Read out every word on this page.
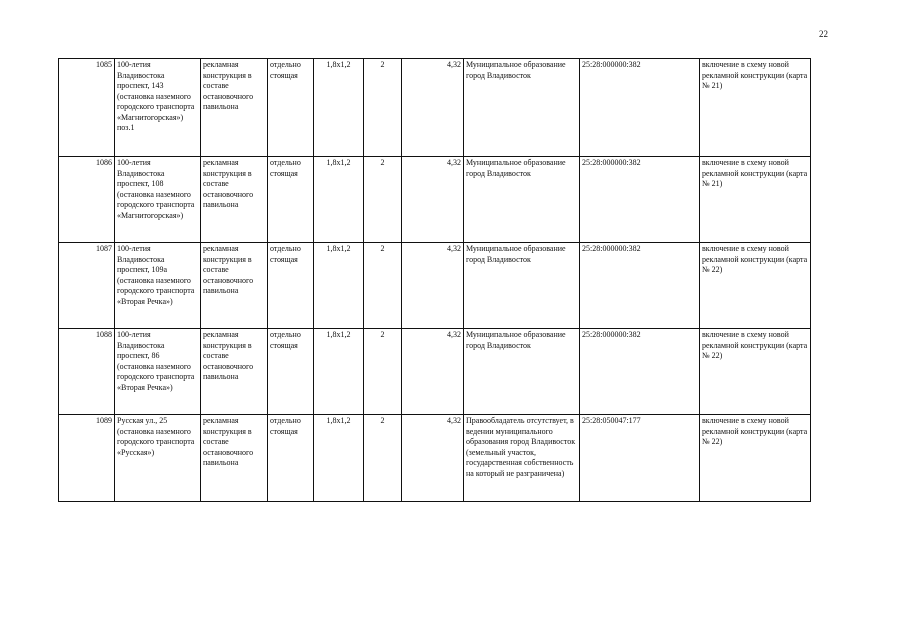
22
1085	100-летия Владивостока проспект, 143 (остановка наземного городского транспорта «Магнитогорская») поз.1	рекламная конструкция в составе остановочного павильона	отдельно стоящая	1,8x1,2	2	4,32	Муниципальное образование город Владивосток	25:28:000000:382	включение в схему новой рекламной конструкции (карта № 21)
1086	100-летия Владивостока проспект, 108 (остановка наземного городского транспорта «Магнитогорская»)	рекламная конструкция в составе остановочного павильона	отдельно стоящая	1,8x1,2	2	4,32	Муниципальное образование город Владивосток	25:28:000000:382	включение в схему новой рекламной конструкции (карта № 21)
1087	100-летия Владивостока проспект, 109а (остановка наземного городского транспорта «Вторая Речка»)	рекламная конструкция в составе остановочного павильона	отдельно стоящая	1,8x1,2	2	4,32	Муниципальное образование город Владивосток	25:28:000000:382	включение в схему новой рекламной конструкции (карта № 22)
1088	100-летия Владивостока проспект, 86 (остановка наземного городского транспорта «Вторая Речка»)	рекламная конструкция в составе остановочного павильона	отдельно стоящая	1,8x1,2	2	4,32	Муниципальное образование город Владивосток	25:28:000000:382	включение в схему новой рекламной конструкции (карта № 22)
1089	Русская ул., 25 (остановка наземного городского транспорта «Русская»)	рекламная конструкция в составе остановочного павильона	отдельно стоящая	1,8x1,2	2	4,32	Правообладатель отсутствует, в ведении муниципального образования город Владивосток (земельный участок, государственная собственность на который не разграничена)	25:28:050047:177	включение в схему новой рекламной конструкции (карта № 22)
